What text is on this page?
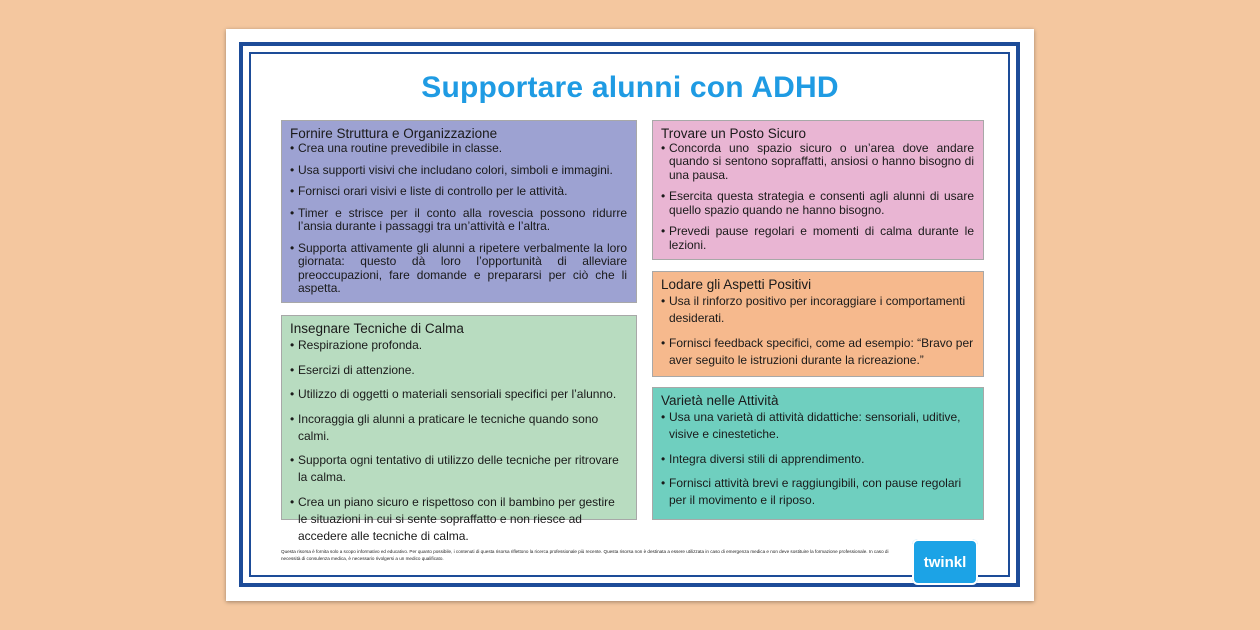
Supportare alunni con ADHD
Fornire Struttura e Organizzazione
• Crea una routine prevedibile in classe.
• Usa supporti visivi che includano colori, simboli e immagini.
• Fornisci orari visivi e liste di controllo per le attività.
• Timer e strisce per il conto alla rovescia possono ridurre l’ansia durante i passaggi tra un’attività e l’altra.
• Supporta attivamente gli alunni a ripetere verbalmente la loro giornata: questo dà loro l’opportunità di alleviare preoccupazioni, fare domande e prepararsi per ciò che li aspetta.
Insegnare Tecniche di Calma
• Respirazione profonda.
• Esercizi di attenzione.
• Utilizzo di oggetti o materiali sensoriali specifici per l’alunno.
• Incoraggia gli alunni a praticare le tecniche quando sono calmi.
• Supporta ogni tentativo di utilizzo delle tecniche per ritrovare la calma.
• Crea un piano sicuro e rispettoso con il bambino per gestire le situazioni in cui si sente sopraffatto e non riesce ad accedere alle tecniche di calma.
Trovare un Posto Sicuro
• Concorda uno spazio sicuro o un’area dove andare quando si sentono sopraffatti, ansiosi o hanno bisogno di una pausa.
• Esercita questa strategia e consenti agli alunni di usare quello spazio quando ne hanno bisogno.
• Prevedi pause regolari e momenti di calma durante le lezioni.
Lodare gli Aspetti Positivi
• Usa il rinforzo positivo per incoraggiare i comportamenti desiderati.
• Fornisci feedback specifici, come ad esempio: “Bravo per aver seguito le istruzioni durante la ricreazione.”
Varietà nelle Attività
• Usa una varietà di attività didattiche: sensoriali, uditive, visive e cinestetiche.
• Integra diversi stili di apprendimento.
• Fornisci attività brevi e raggiungibili, con pause regolari per il movimento e il riposo.

Questa risorsa è fornita solo a scopo informativo ed educativo. Per quanto possibile, i contenuti di questa risorsa riflettono la ricerca professionale più recente. Questa risorsa non è destinata a essere utilizzata in caso di emergenza medica e non deve sostituire la formazione professionale. In caso di necessità di consulenza medica, è necessario rivolgersi a un medico qualificato.	twinkl
